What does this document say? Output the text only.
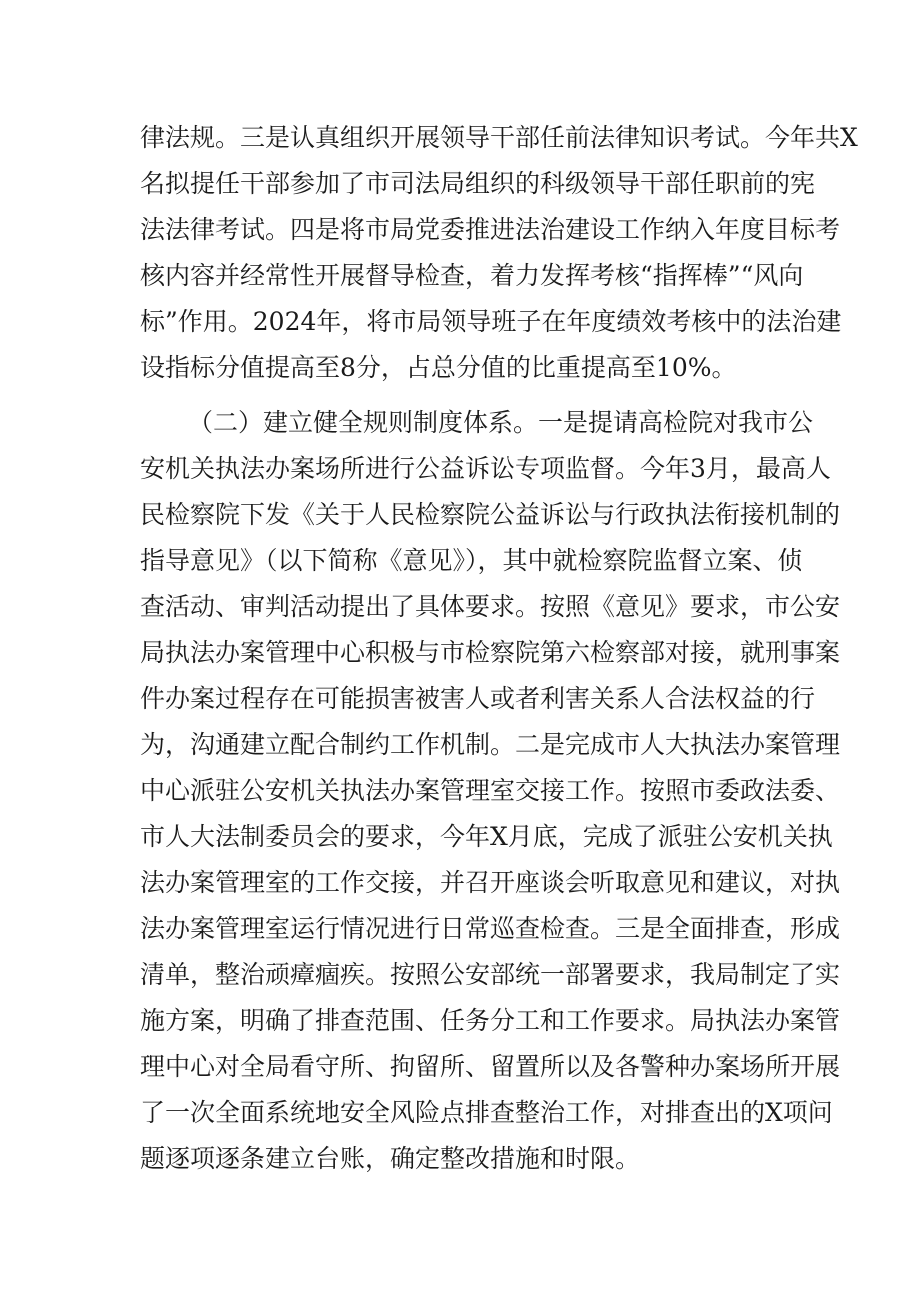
律法规。三是认真组织开展领导干部任前法律知识考试。今年共X
名拟提任干部参加了市司法局组织的科级领导干部任职前的宪
法法律考试。四是将市局党委推进法治建设工作纳入年度目标考
核内容并经常性开展督导检查，着力发挥考核“指挥棒”“风向
标”作用。2024年，将市局领导班子在年度绩效考核中的法治建
设指标分值提高至8分，占总分值的比重提高至10%。
（二）建立健全规则制度体系。一是提请高检院对我市公
安机关执法办案场所进行公益诉讼专项监督。今年3月，最高人
民检察院下发《关于人民检察院公益诉讼与行政执法衔接机制的
指导意见》（以下简称《意见》），其中就检察院监督立案、侦
查活动、审判活动提出了具体要求。按照《意见》要求，市公安
局执法办案管理中心积极与市检察院第六检察部对接，就刑事案
件办案过程存在可能损害被害人或者利害关系人合法权益的行
为，沟通建立配合制约工作机制。二是完成市人大执法办案管理
中心派驻公安机关执法办案管理室交接工作。按照市委政法委、
市人大法制委员会的要求，今年X月底，完成了派驻公安机关执
法办案管理室的工作交接，并召开座谈会听取意见和建议，对执
法办案管理室运行情况进行日常巡查检查。三是全面排查，形成
清单，整治顽瘴痼疾。按照公安部统一部署要求，我局制定了实
施方案，明确了排查范围、任务分工和工作要求。局执法办案管
理中心对全局看守所、拘留所、留置所以及各警种办案场所开展
了一次全面系统地安全风险点排查整治工作，对排查出的X项问
题逐项逐条建立台账，确定整改措施和时限。
